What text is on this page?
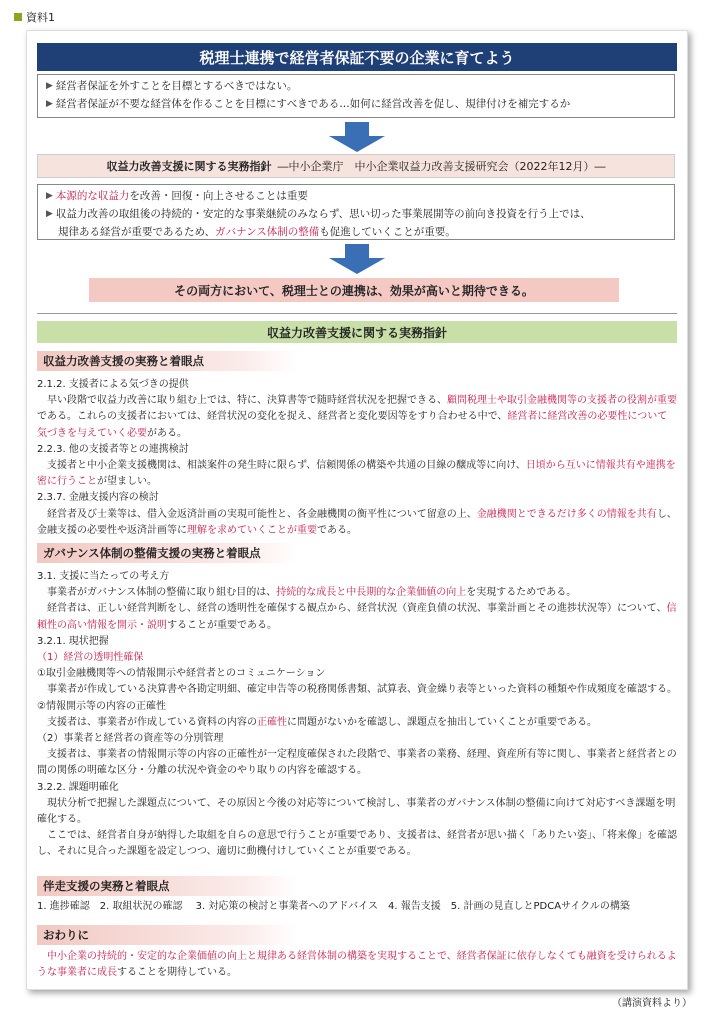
資料1
税理士連携で経営者保証不要の企業に育てよう
▶ 経営者保証を外すことを目標とするべきではない。
▶ 経営者保証が不要な経営体を作ることを目標にすべきである…如何に経営改善を促し、規律付けを補完するか
収益力改善支援に関する実務指針 ―中小企業庁　中小企業収益力改善支援研究会（2022年12月）―
▶ 本源的な収益力を改善・回復・向上させることは重要
▶ 収益力改善の取組後の持続的・安定的な事業継続のみならず、思い切った事業展開等の前向き投資を行う上では、
規律ある経営が重要であるため、ガバナンス体制の整備も促進していくことが重要。
その両方において、税理士との連携は、効果が高いと期待できる。
収益力改善支援に関する実務指針
収益力改善支援の実務と着眼点

2.1.2. 支援者による気づきの提供

早い段階で収益力改善に取り組む上では、特に、決算書等で随時経営状況を把握できる、顧問税理士や取引金融機関等の支援者の役割が重要である。これらの支援者においては、経営状況の変化を捉え、経営者と変化要因等をすり合わせる中で、経営者に経営改善の必要性について気づきを与えていく必要がある。

2.2.3. 他の支援者等との連携検討

支援者と中小企業支援機関は、相談案件の発生時に限らず、信頼関係の構築や共通の目線の醸成等に向け、日頃から互いに情報共有や連携を密に行うことが望ましい。

2.3.7. 金融支援内容の検討

経営者及び士業等は、借入金返済計画の実現可能性と、各金融機関の衡平性について留意の上、金融機関とできるだけ多くの情報を共有し、金融支援の必要性や返済計画等に理解を求めていくことが重要である。

ガバナンス体制の整備支援の実務と着眼点

3.1. 支援に当たっての考え方

事業者がガバナンス体制の整備に取り組む目的は、持続的な成長と中長期的な企業価値の向上を実現するためである。

経営者は、正しい経営判断をし、経営の透明性を確保する観点から、経営状況（資産負債の状況、事業計画とその進捗状況等）について、信頼性の高い情報を開示・説明することが重要である。

3.2.1. 現状把握

（1）経営の透明性確保

①取引金融機関等への情報開示や経営者とのコミュニケーション

事業者が作成している決算書や各勘定明細、確定申告等の税務関係書類、試算表、資金繰り表等といった資料の種類や作成頻度を確認する。

②情報開示等の内容の正確性

支援者は、事業者が作成している資料の内容の正確性に問題がないかを確認し、課題点を抽出していくことが重要である。

（2）事業者と経営者の資産等の分別管理

支援者は、事業者の情報開示等の内容の正確性が一定程度確保された段階で、事業者の業務、経理、資産所有等に関し、事業者と経営者との間の関係の明確な区分・分離の状況や資金のやり取りの内容を確認する。

3.2.2. 課題明確化

現状分析で把握した課題点について、その原因と今後の対応等について検討し、事業者のガバナンス体制の整備に向けて対応すべき課題を明確化する。

ここでは、経営者自身が納得した取組を自らの意思で行うことが重要であり、支援者は、経営者が思い描く「ありたい姿」、「将来像」を確認し、それに見合った課題を設定しつつ、適切に動機付けしていくことが重要である。

伴走支援の実務と着眼点
1. 進捗確認　2. 取組状況の確認　 3. 対応策の検討と事業者へのアドバイス　4. 報告支援　5. 計画の見直しとPDCAサイクルの構築
おわりに

中小企業の持続的・安定的な企業価値の向上と規律ある経営体制の構築を実現することで、経営者保証に依存しなくても融資を受けられるような事業者に成長することを期待している。

（講演資料より）
